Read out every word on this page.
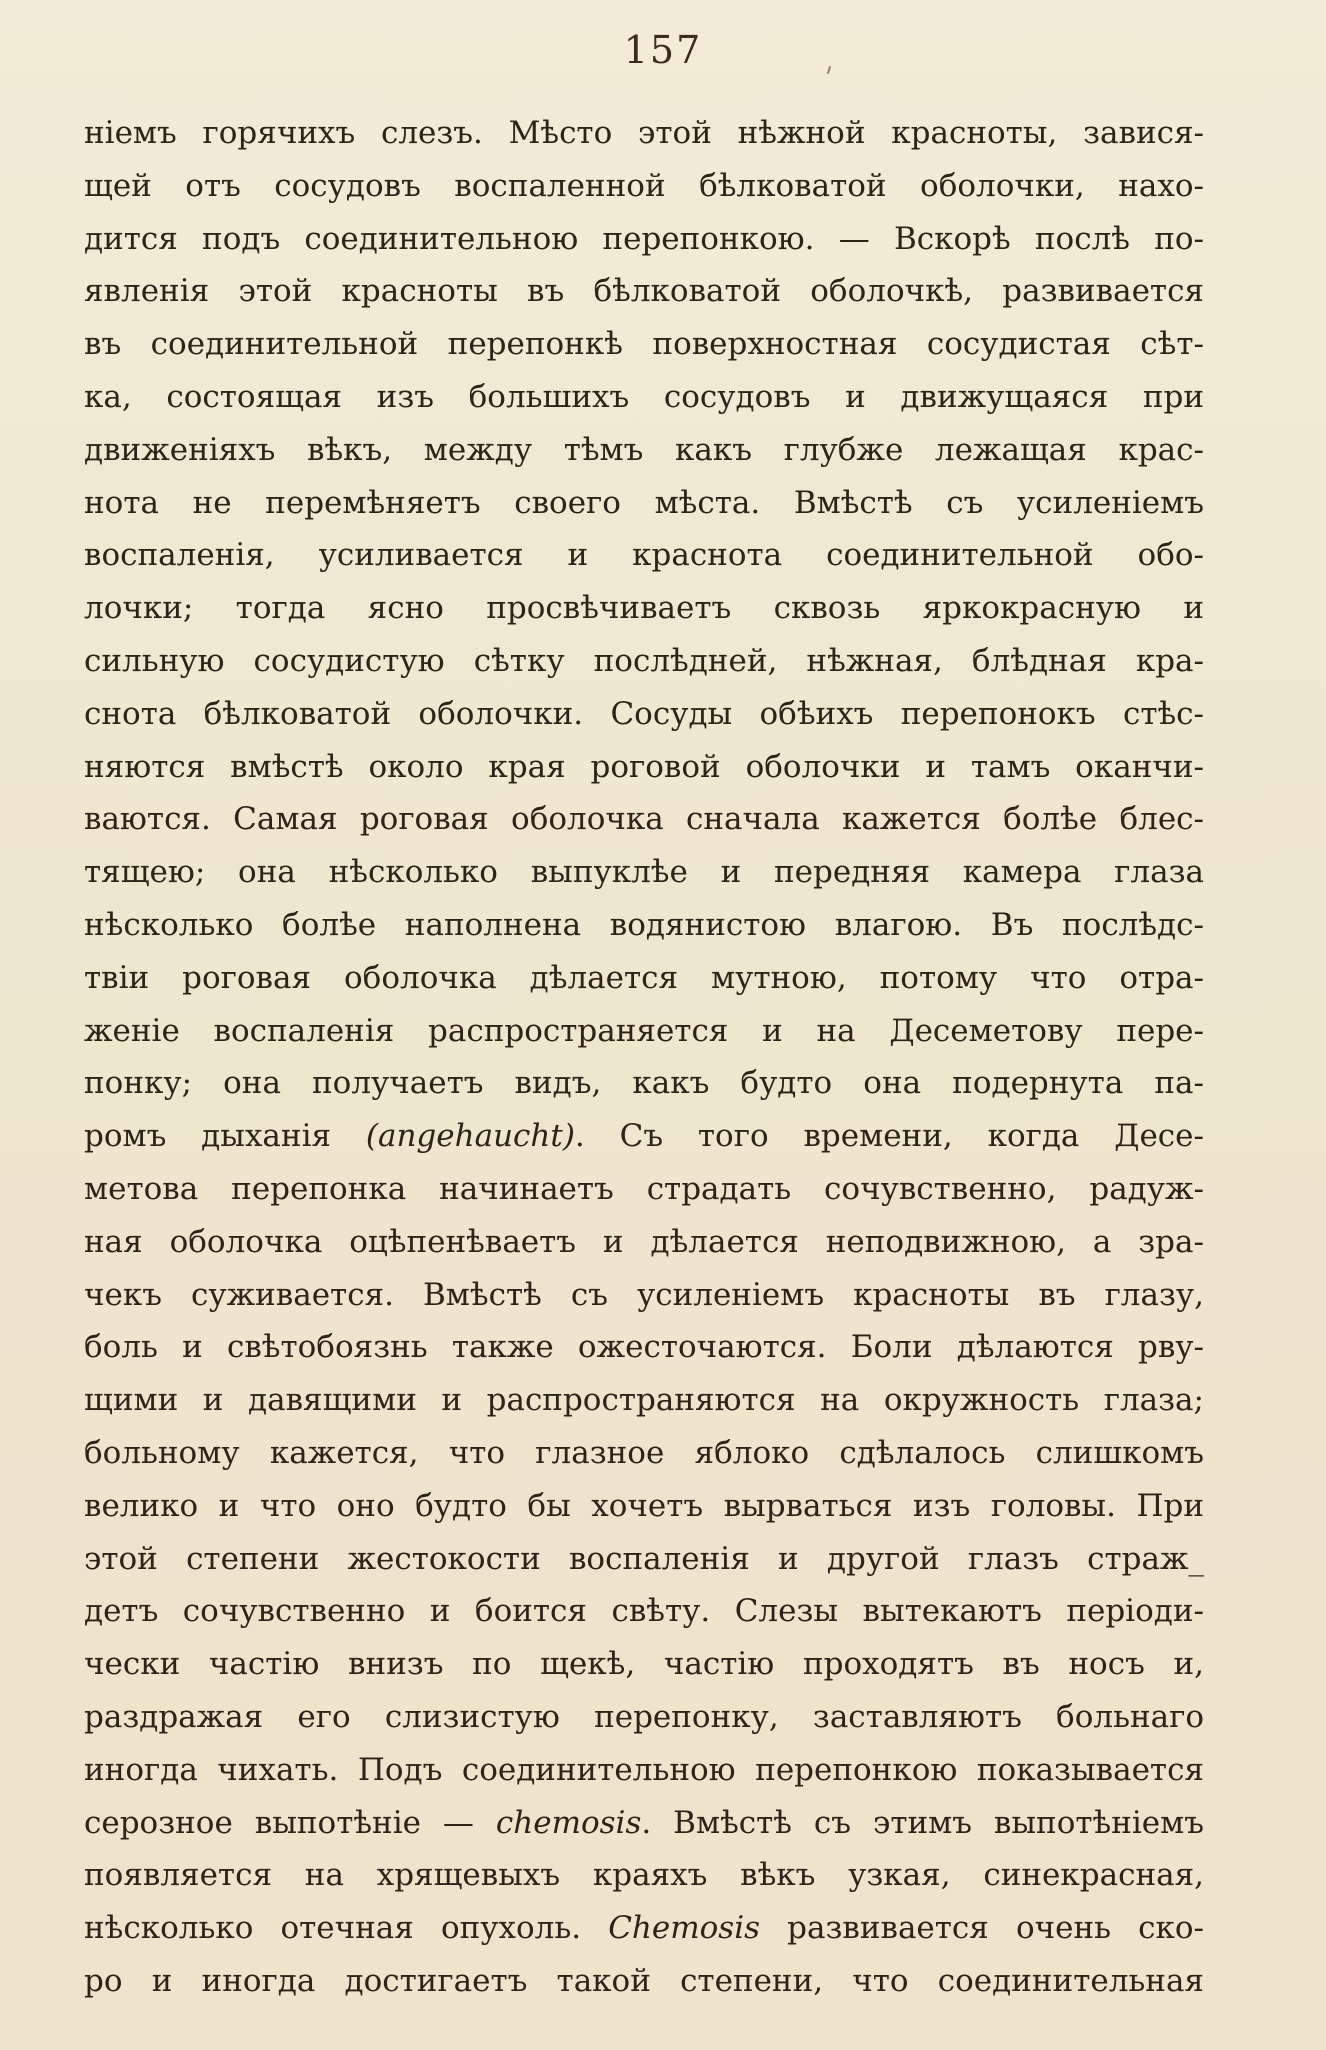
157
ніемъ горячихъ слезъ. Мѣсто этой нѣжной красноты, завися-
щей отъ сосудовъ воспаленной бѣлковатой оболочки, нахо-
дится подъ соединительною перепонкою. — Вскорѣ послѣ по-
явленія этой красноты въ бѣлковатой оболочкѣ, развивается
въ соединительной перепонкѣ поверхностная сосудистая сѣт-
ка, состоящая изъ большихъ сосудовъ и движущаяся при
движеніяхъ вѣкъ, между тѣмъ какъ глубже лежащая крас-
нота не перемѣняетъ своего мѣста. Вмѣстѣ съ усиленіемъ
воспаленія, усиливается и краснота соединительной обо-
лочки; тогда ясно просвѣчиваетъ сквозь яркокрасную и
сильную сосудистую сѣтку послѣдней, нѣжная, блѣдная кра-
снота бѣлковатой оболочки. Сосуды обѣихъ перепонокъ стѣс-
няются вмѣстѣ около края роговой оболочки и тамъ оканчи-
ваются. Самая роговая оболочка сначала кажется болѣе блес-
тящею; она нѣсколько выпуклѣе и передняя камера глаза
нѣсколько болѣе наполнена водянистою влагою. Въ послѣдс-
твіи роговая оболочка дѣлается мутною, потому что отра-
женіе воспаленія распространяется и на Десеметову пере-
понку; она получаетъ видъ, какъ будто она подернута па-
ромъ дыханія (angehaucht). Съ того времени, когда Десе-
метова перепонка начинаетъ страдать сочувственно, радуж-
ная оболочка оцѣпенѣваетъ и дѣлается неподвижною, а зра-
чекъ суживается. Вмѣстѣ съ усиленіемъ красноты въ глазу,
боль и свѣтобоязнь также ожесточаются. Боли дѣлаются рву-
щими и давящими и распространяются на окружность глаза;
больному кажется, что глазное яблоко сдѣлалось слишкомъ
велико и что оно будто бы хочетъ вырваться изъ головы. При
этой степени жестокости воспаленія и другой глазъ страж_
детъ сочувственно и боится свѣту. Слезы вытекаютъ періоди-
чески частію внизъ по щекѣ, частію проходятъ въ носъ и,
раздражая его слизистую перепонку, заставляютъ больнаго
иногда чихать. Подъ соединительною перепонкою показывается
серозное выпотѣніе — chemosis. Вмѣстѣ съ этимъ выпотѣніемъ
появляется на хрящевыхъ краяхъ вѣкъ узкая, синекрасная,
нѣсколько отечная опухоль. Chemosis развивается очень ско-
ро и иногда достигаетъ такой степени, что соединительная
